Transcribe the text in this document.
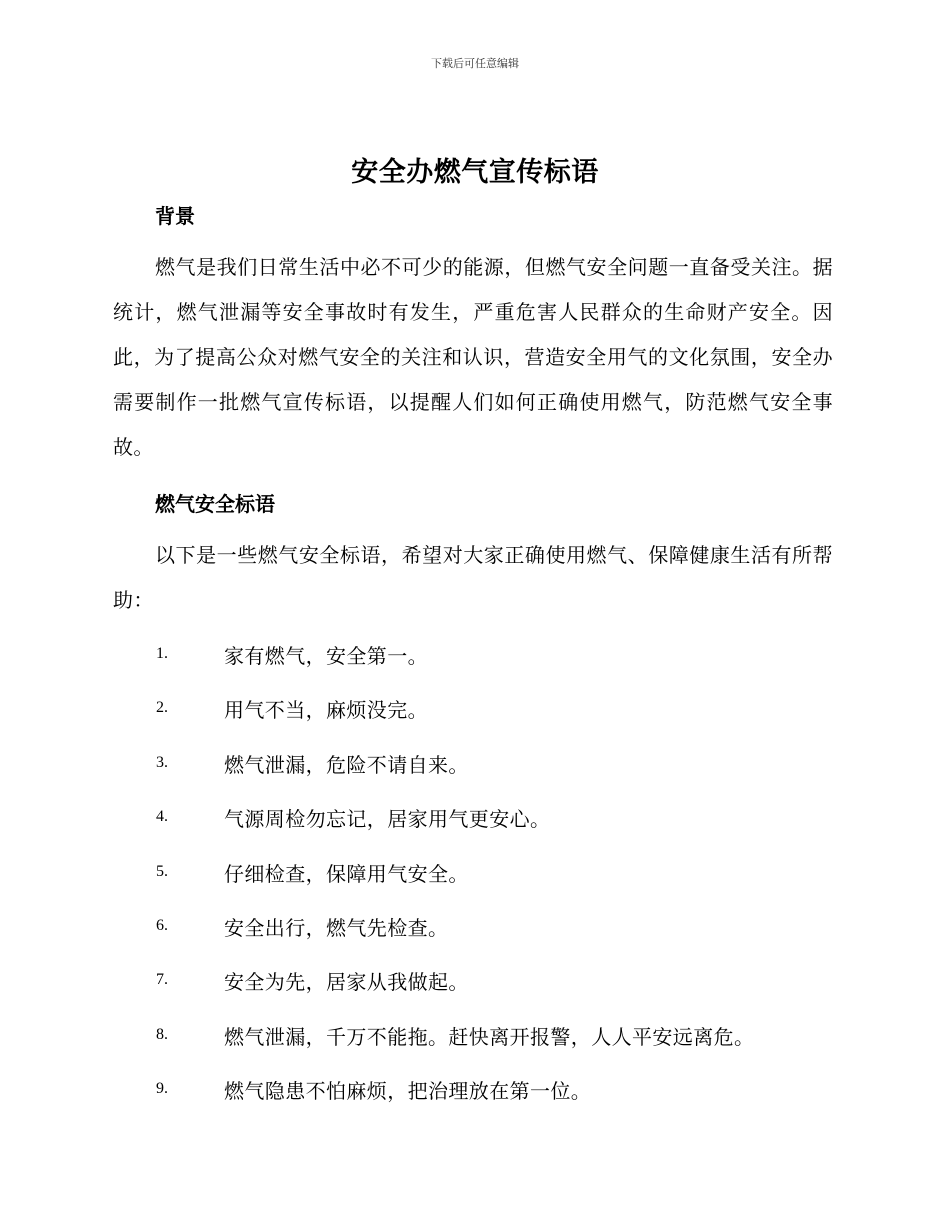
下载后可任意编辑
安全办燃气宣传标语
背景
燃气是我们日常生活中必不可少的能源，但燃气安全问题一直备受关注。据统计，燃气泄漏等安全事故时有发生，严重危害人民群众的生命财产安全。因此，为了提高公众对燃气安全的关注和认识，营造安全用气的文化氛围，安全办需要制作一批燃气宣传标语，以提醒人们如何正确使用燃气，防范燃气安全事故。
燃气安全标语
以下是一些燃气安全标语，希望对大家正确使用燃气、保障健康生活有所帮助：
1.	家有燃气，安全第一。
2.	用气不当，麻烦没完。
3.	燃气泄漏，危险不请自来。
4.	气源周检勿忘记，居家用气更安心。
5.	仔细检查，保障用气安全。
6.	安全出行，燃气先检查。
7.	安全为先，居家从我做起。
8.	燃气泄漏，千万不能拖。赶快离开报警，人人平安远离危。
9.	燃气隐患不怕麻烦，把治理放在第一位。
